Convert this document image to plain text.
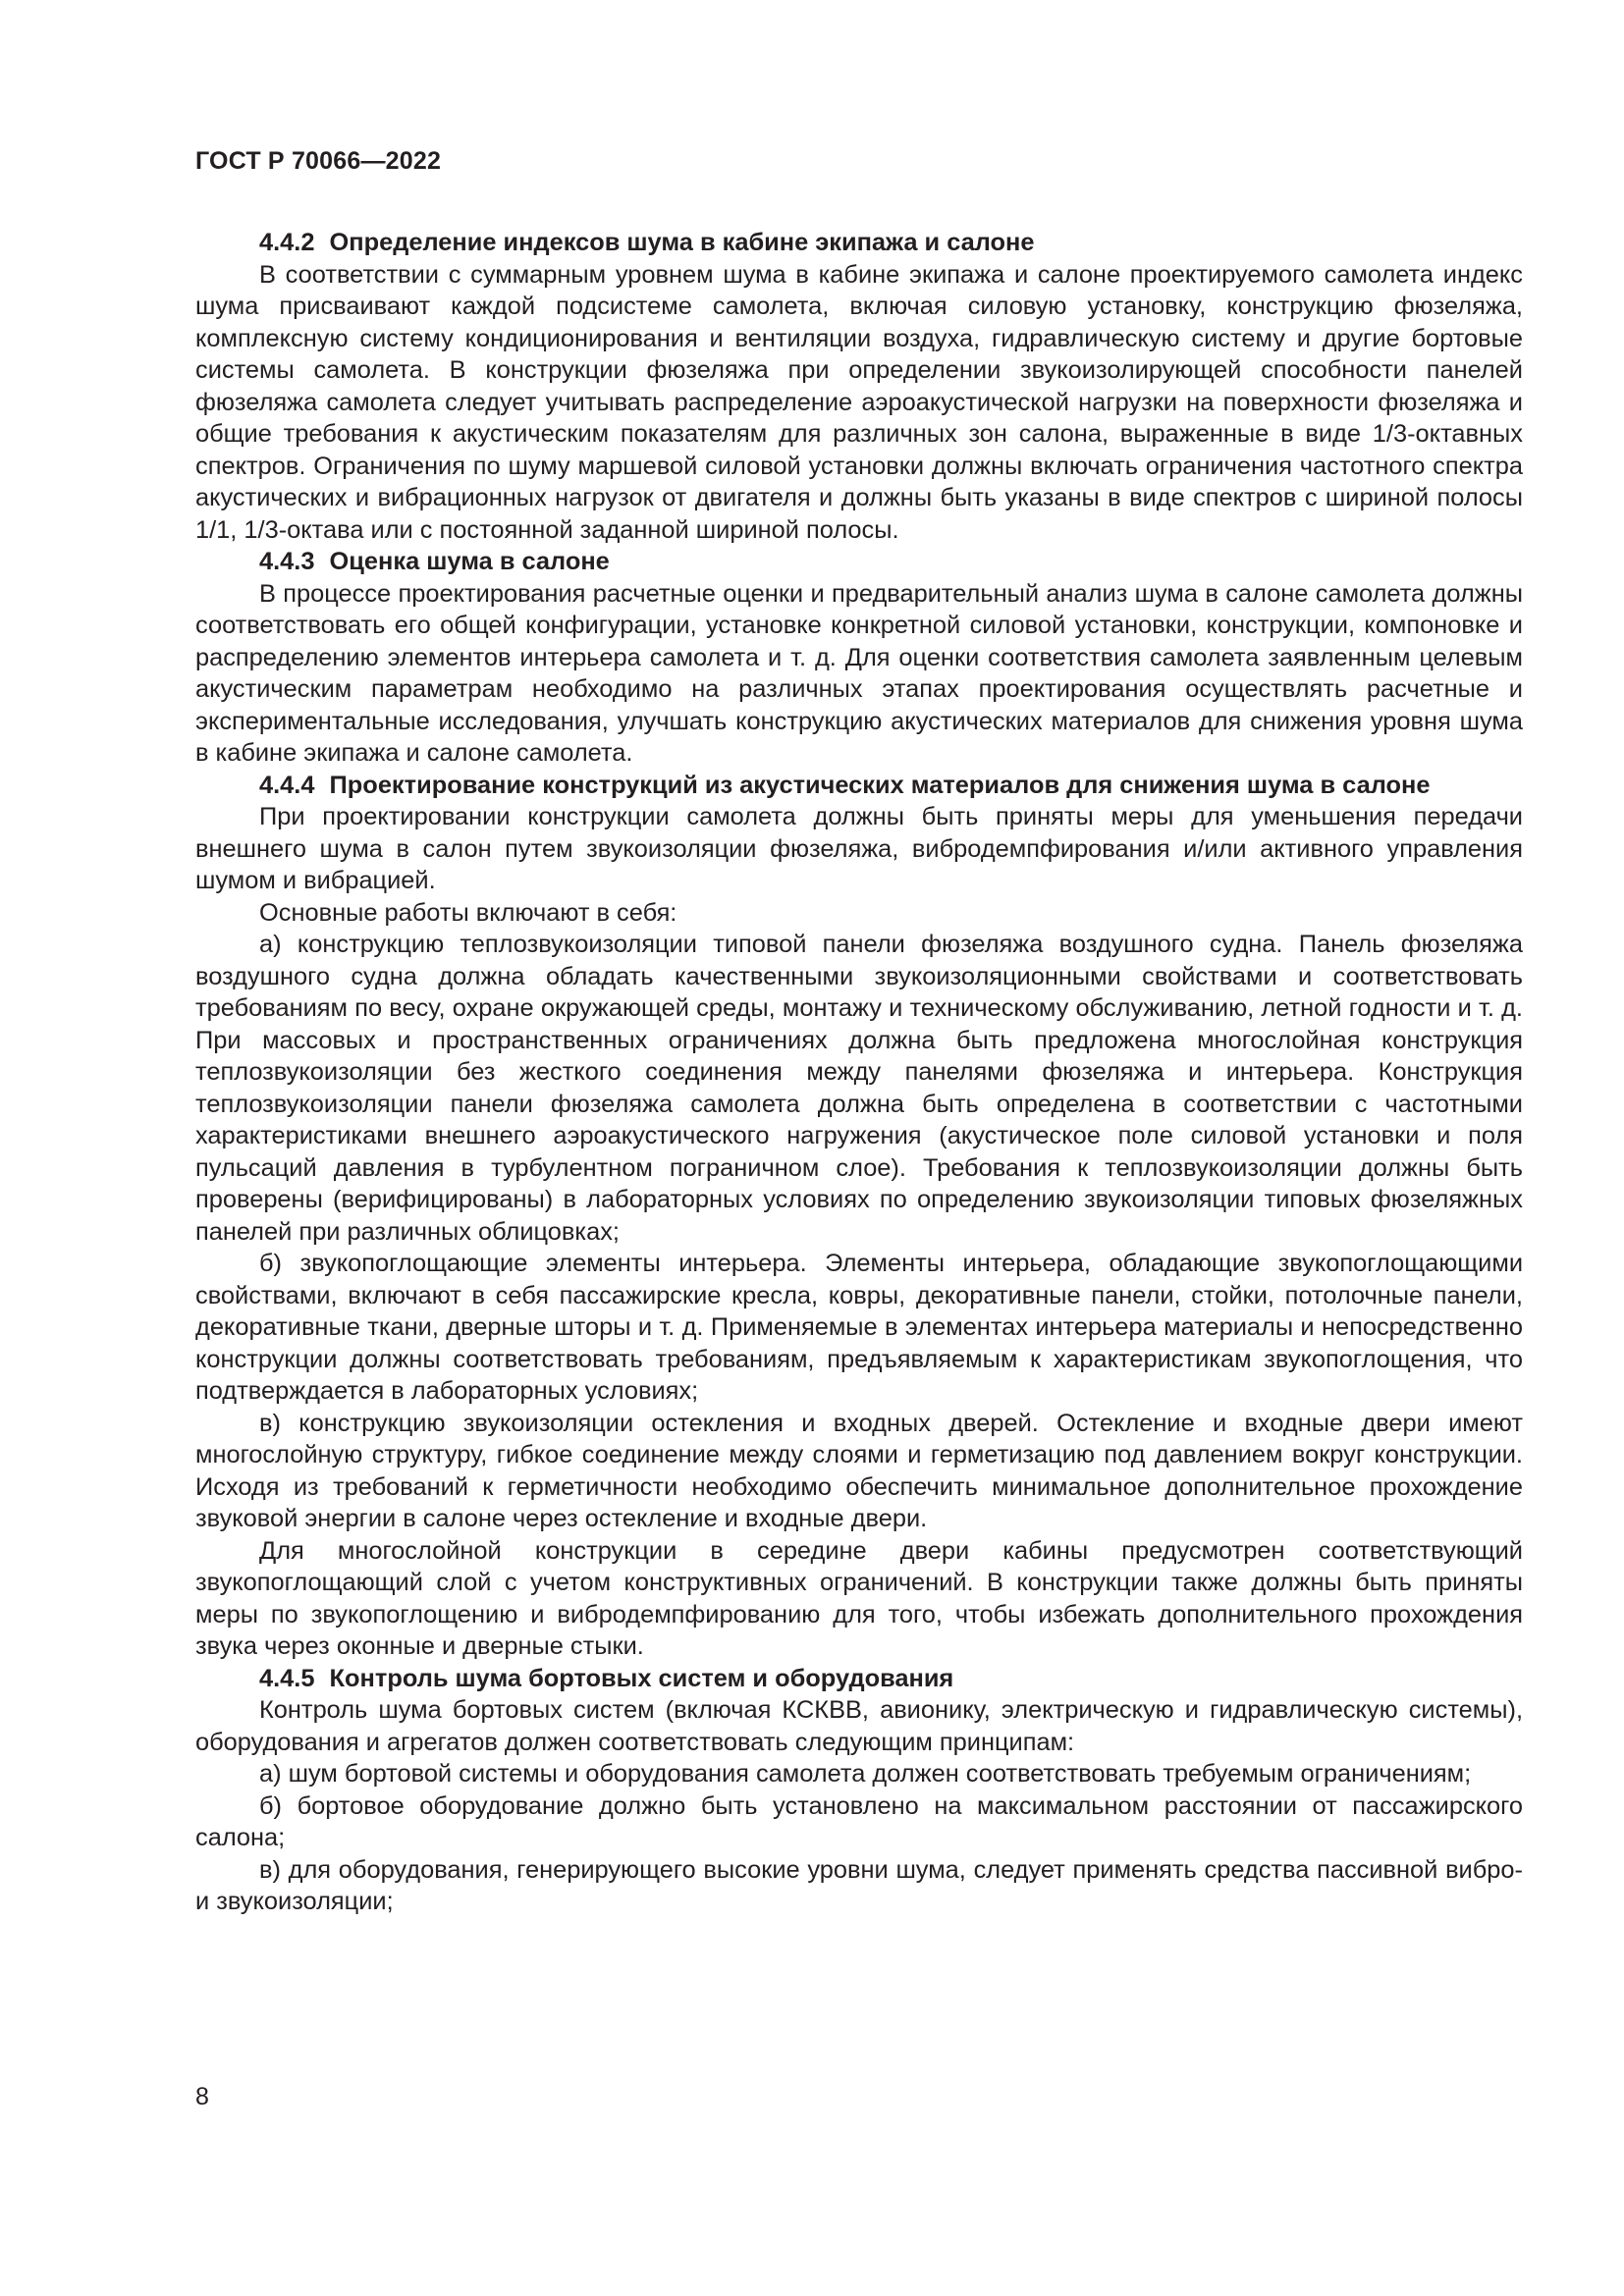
ГОСТ Р 70066—2022
4.4.2 Определение индексов шума в кабине экипажа и салоне

В соответствии с суммарным уровнем шума в кабине экипажа и салоне проектируемого самолета индекс шума присваивают каждой подсистеме самолета, включая силовую установку, конструкцию фюзеляжа, комплексную систему кондиционирования и вентиляции воздуха, гидравлическую систему и другие бортовые системы самолета. В конструкции фюзеляжа при определении звукоизолирующей способности панелей фюзеляжа самолета следует учитывать распределение аэроакустической нагрузки на поверхности фюзеляжа и общие требования к акустическим показателям для различных зон салона, выраженные в виде 1/3-октавных спектров. Ограничения по шуму маршевой силовой установки должны включать ограничения частотного спектра акустических и вибрационных нагрузок от двигателя и должны быть указаны в виде спектров с шириной полосы 1/1, 1/3-октава или с постоянной заданной шириной полосы.

4.4.3 Оценка шума в салоне

В процессе проектирования расчетные оценки и предварительный анализ шума в салоне самолета должны соответствовать его общей конфигурации, установке конкретной силовой установки, конструкции, компоновке и распределению элементов интерьера самолета и т. д. Для оценки соответствия самолета заявленным целевым акустическим параметрам необходимо на различных этапах проектирования осуществлять расчетные и экспериментальные исследования, улучшать конструкцию акустических материалов для снижения уровня шума в кабине экипажа и салоне самолета.

4.4.4 Проектирование конструкций из акустических материалов для снижения шума в салоне

При проектировании конструкции самолета должны быть приняты меры для уменьшения передачи внешнего шума в салон путем звукоизоляции фюзеляжа, вибродемпфирования и/или активного управления шумом и вибрацией.

Основные работы включают в себя:

а) конструкцию теплозвукоизоляции типовой панели фюзеляжа воздушного судна. Панель фюзеляжа воздушного судна должна обладать качественными звукоизоляционными свойствами и соответствовать требованиям по весу, охране окружающей среды, монтажу и техническому обслуживанию, летной годности и т. д. При массовых и пространственных ограничениях должна быть предложена многослойная конструкция теплозвукоизоляции без жесткого соединения между панелями фюзеляжа и интерьера. Конструкция теплозвукоизоляции панели фюзеляжа самолета должна быть определена в соответствии с частотными характеристиками внешнего аэроакустического нагружения (акустическое поле силовой установки и поля пульсаций давления в турбулентном пограничном слое). Требования к теплозвукоизоляции должны быть проверены (верифицированы) в лабораторных условиях по определению звукоизоляции типовых фюзеляжных панелей при различных облицовках;

б) звукопоглощающие элементы интерьера. Элементы интерьера, обладающие звукопоглощающими свойствами, включают в себя пассажирские кресла, ковры, декоративные панели, стойки, потолочные панели, декоративные ткани, дверные шторы и т. д. Применяемые в элементах интерьера материалы и непосредственно конструкции должны соответствовать требованиям, предъявляемым к характеристикам звукопоглощения, что подтверждается в лабораторных условиях;

в) конструкцию звукоизоляции остекления и входных дверей. Остекление и входные двери имеют многослойную структуру, гибкое соединение между слоями и герметизацию под давлением вокруг конструкции. Исходя из требований к герметичности необходимо обеспечить минимальное дополнительное прохождение звуковой энергии в салоне через остекление и входные двери.

Для многослойной конструкции в середине двери кабины предусмотрен соответствующий звукопоглощающий слой с учетом конструктивных ограничений. В конструкции также должны быть приняты меры по звукопоглощению и вибродемпфированию для того, чтобы избежать дополнительного прохождения звука через оконные и дверные стыки.

4.4.5 Контроль шума бортовых систем и оборудования

Контроль шума бортовых систем (включая КСКВВ, авионику, электрическую и гидравлическую системы), оборудования и агрегатов должен соответствовать следующим принципам:

а) шум бортовой системы и оборудования самолета должен соответствовать требуемым ограничениям;

б) бортовое оборудование должно быть установлено на максимальном расстоянии от пассажирского салона;

в) для оборудования, генерирующего высокие уровни шума, следует применять средства пассивной вибро- и звукоизоляции;

8
